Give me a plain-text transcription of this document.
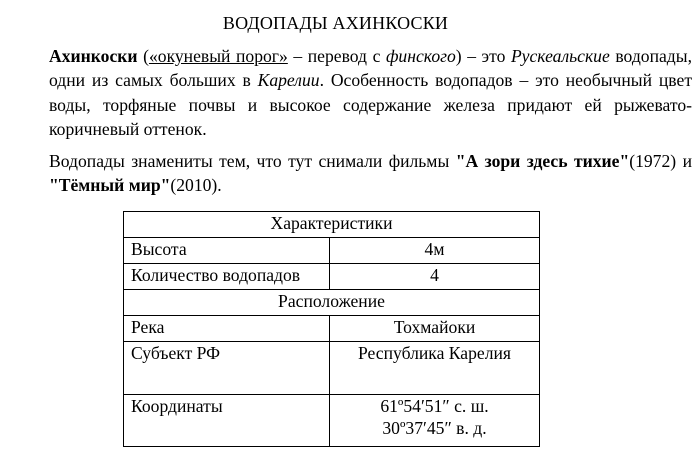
ВОДОПАДЫ АХИНКОСКИ

Ахинкоски («окуневый порог» – перевод с финского) – это Рускеальские водопады, одни из самых больших в Карелии. Особенность водопадов – это необычный цвет воды, торфяные почвы и высокое содержание железа придают ей рыжевато-коричневый оттенок.

Водопады знамениты тем, что тут снимали фильмы "А зори здесь тихие"(1972) и "Тёмный мир"(2010).

Характеристики	
Высота	4м
Количество водопадов	4
Расположение	
Река	Тохмайоки
Субъект РФ	Республика Карелия
Координаты	61º54′51″ с. ш.
30º37′45″ в. д.
